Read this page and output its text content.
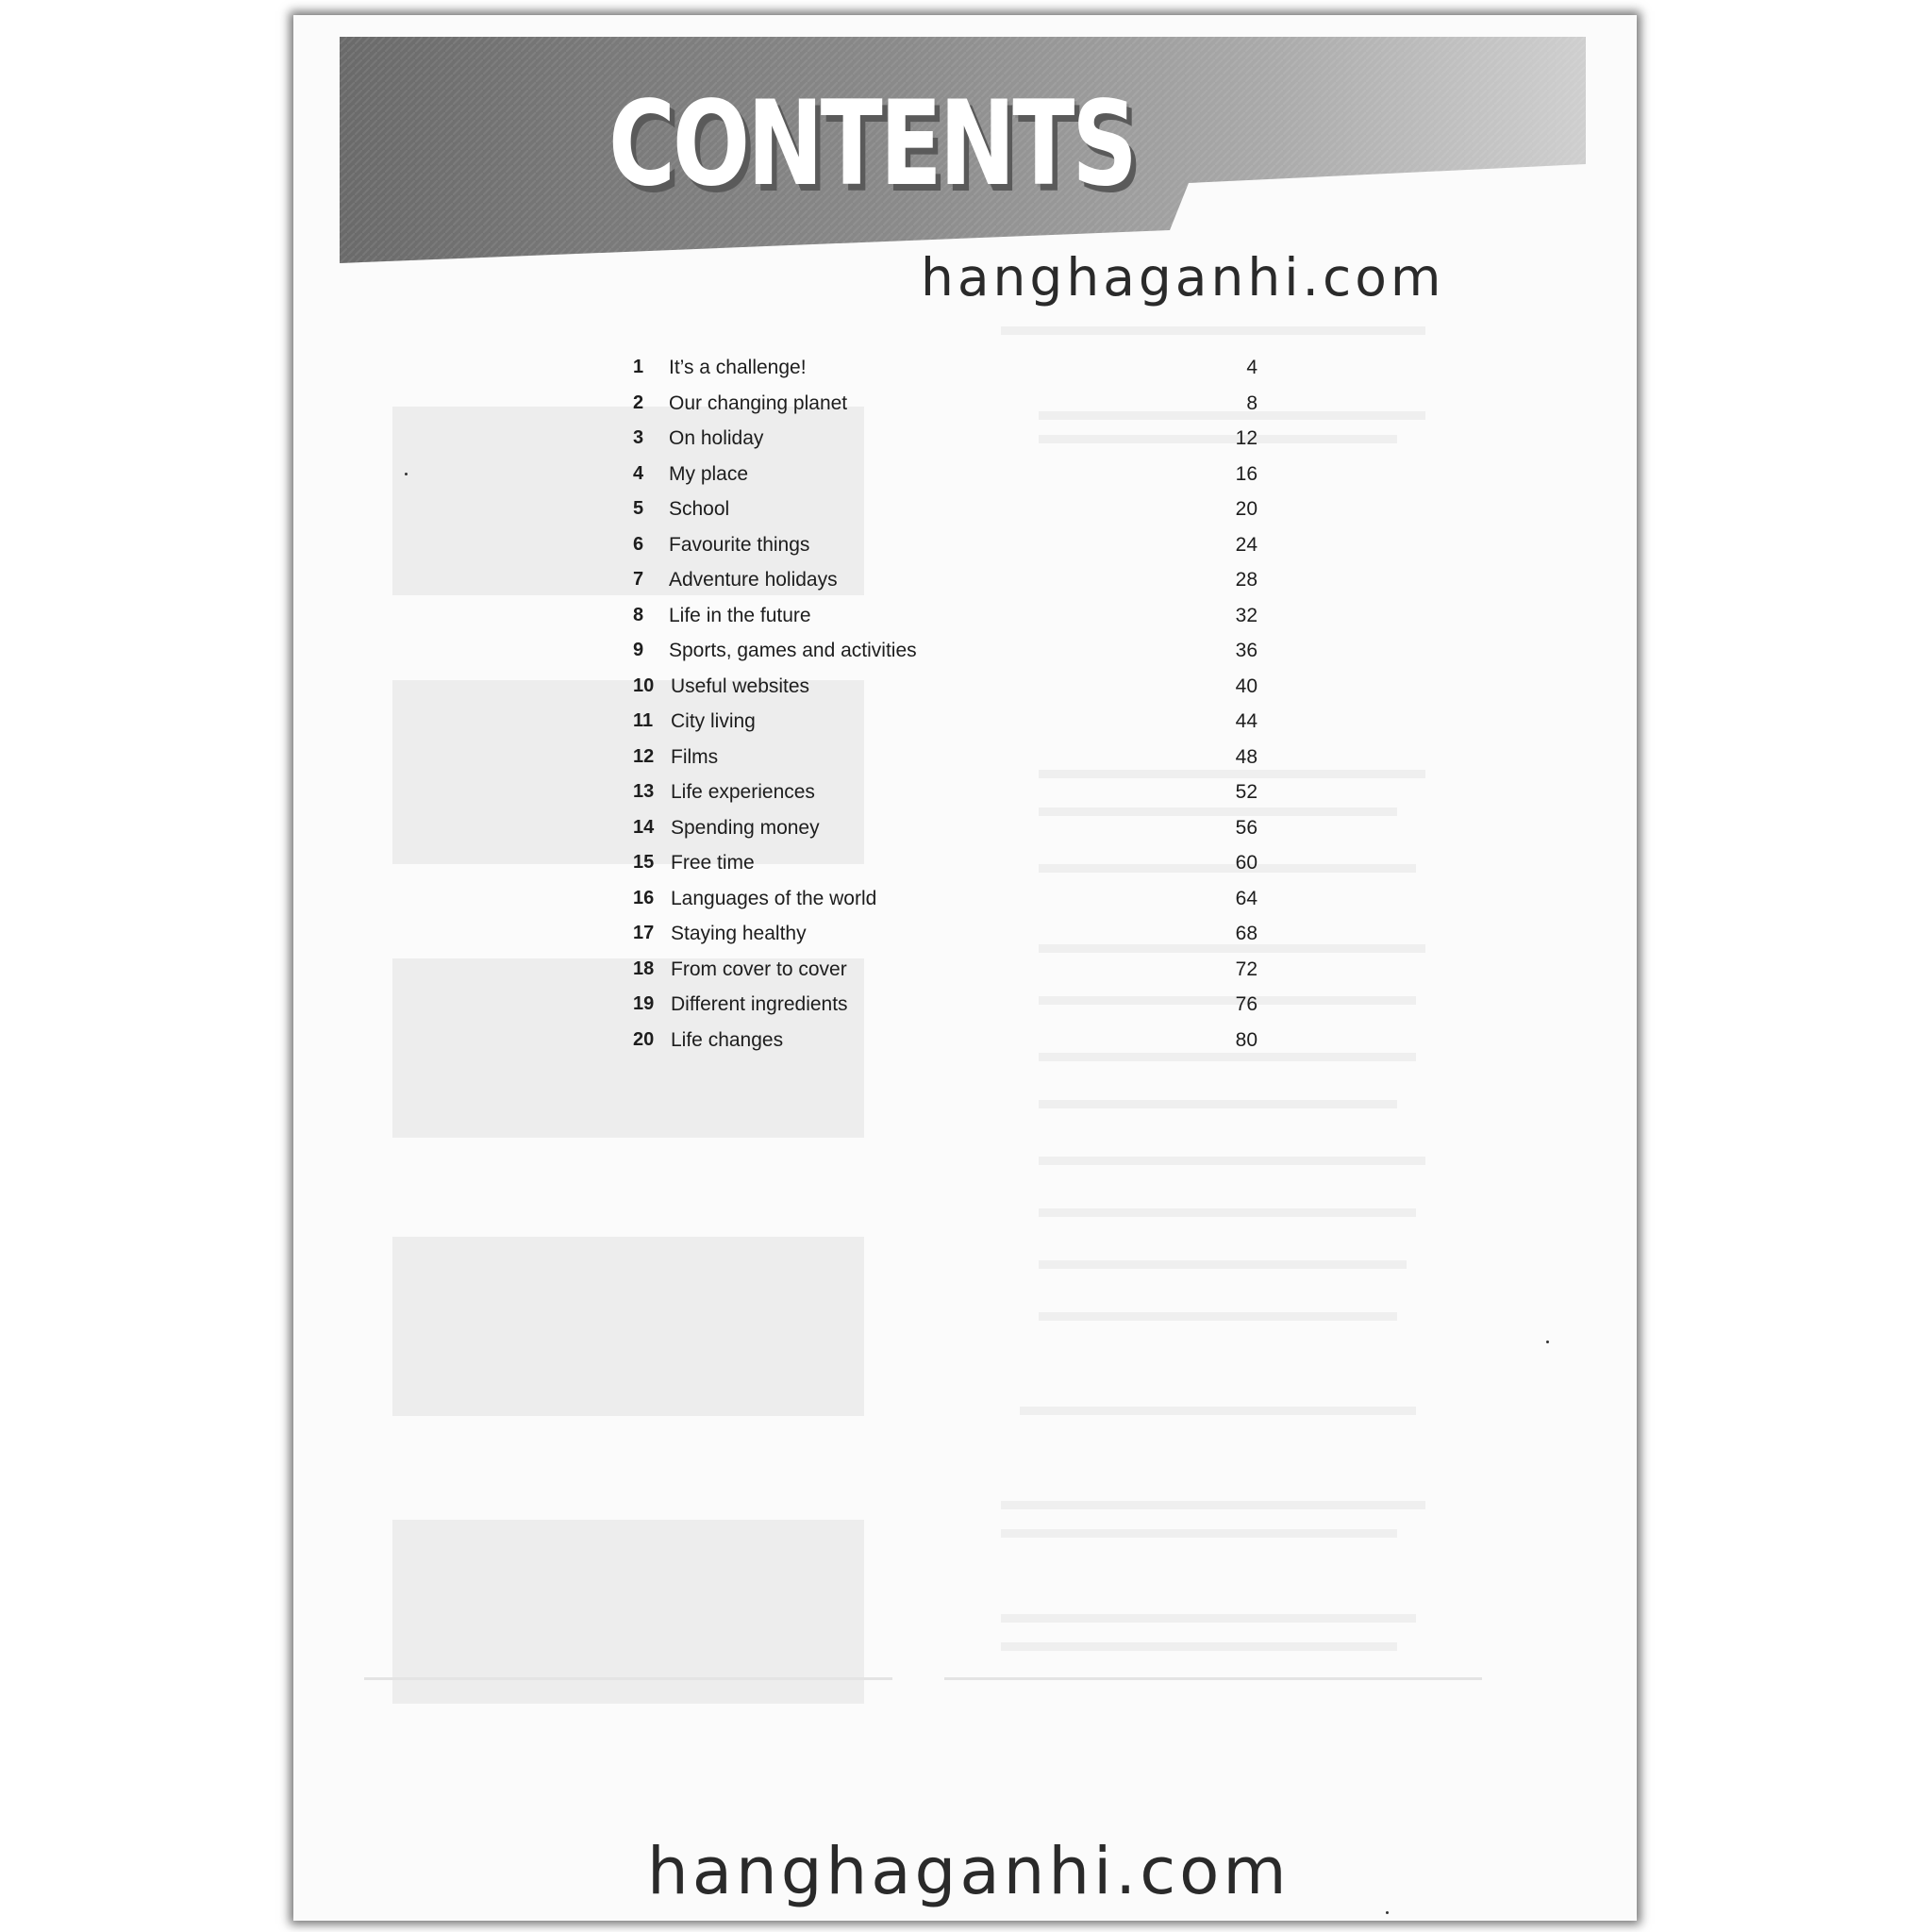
CONTENTS
1 It’s a challenge!	4
2 Our changing planet	8
3 On holiday	12
4 My place	16
5 School	20
6 Favourite things	24
7 Adventure holidays	28
8 Life in the future	32
9 Sports, games and activities	36
10 Useful websites	40
11 City living	44
12 Films	48
13 Life experiences	52
14 Spending money	56
15 Free time	60
16 Languages of the world	64
17 Staying healthy	68
18 From cover to cover	72
19 Different ingredients	76
20 Life changes	80
hanghaganhi.com
hanghaganhi.com
